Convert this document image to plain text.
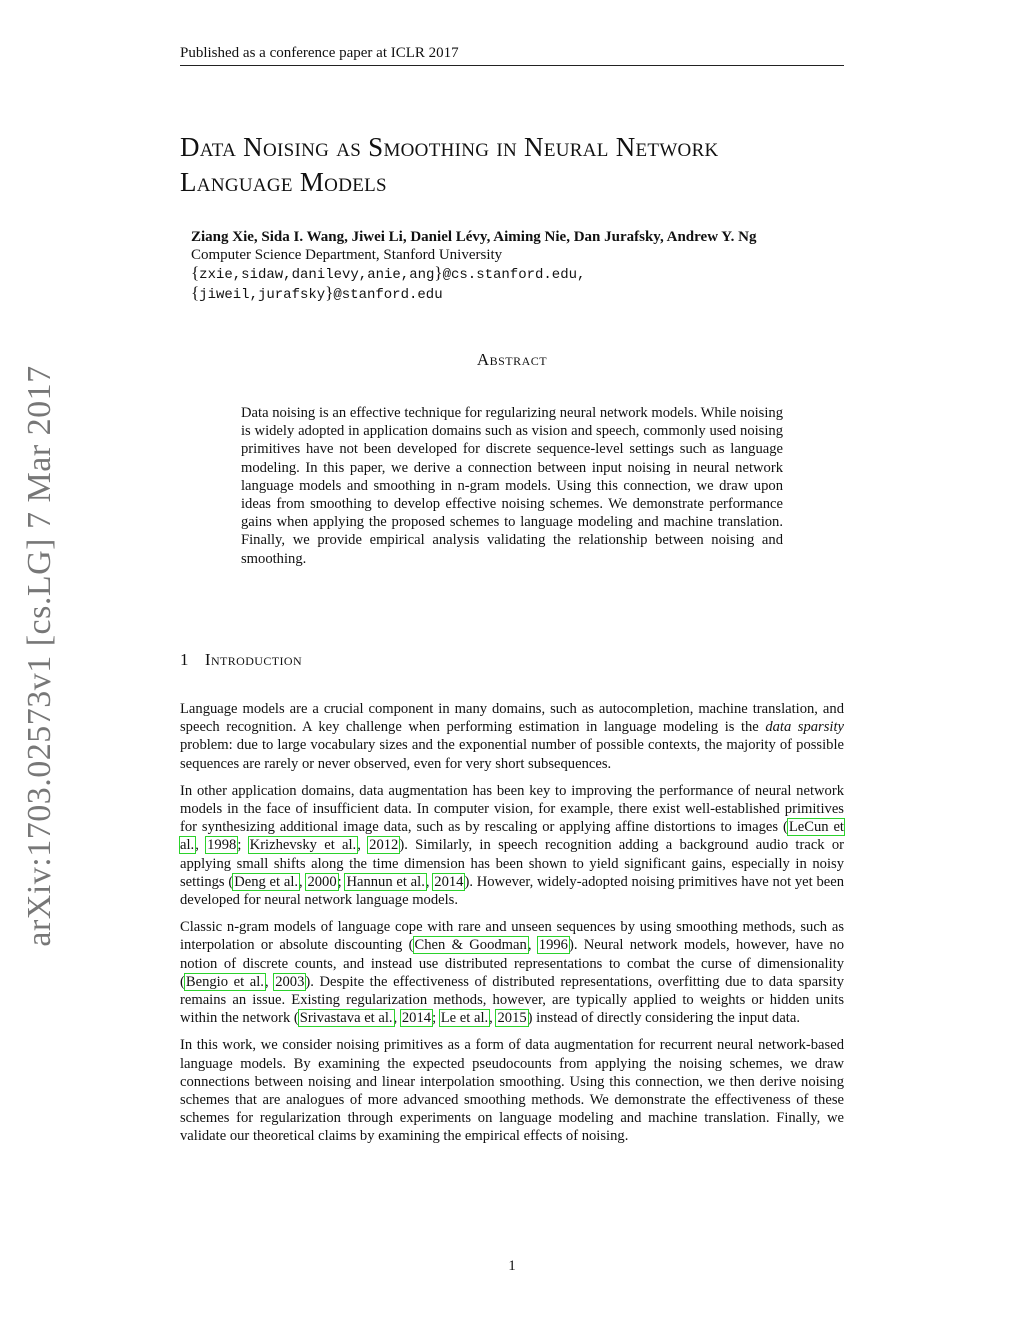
Published as a conference paper at ICLR 2017
arXiv:1703.02573v1 [cs.LG] 7 Mar 2017
Data Noising as Smoothing in Neural Network
Language Models
Ziang Xie, Sida I. Wang, Jiwei Li, Daniel Lévy, Aiming Nie, Dan Jurafsky, Andrew Y. Ng
Computer Science Department, Stanford University
{zxie,sidaw,danilevy,anie,ang}@cs.stanford.edu,
{jiweil,jurafsky}@stanford.edu
Abstract

Data noising is an effective technique for regularizing neural network models. While noising is widely adopted in application domains such as vision and speech, commonly used noising primitives have not been developed for discrete sequence-level settings such as language modeling. In this paper, we derive a connection between input noising in neural network language models and smoothing in n-gram models. Using this connection, we draw upon ideas from smoothing to develop effective noising schemes. We demonstrate performance gains when applying the proposed schemes to language modeling and machine translation. Finally, we provide empirical analysis validating the relationship between noising and smoothing.

1 Introduction

Language models are a crucial component in many domains, such as autocompletion, machine translation, and speech recognition. A key challenge when performing estimation in language modeling is the data sparsity problem: due to large vocabulary sizes and the exponential number of possible contexts, the majority of possible sequences are rarely or never observed, even for very short subsequences.

In other application domains, data augmentation has been key to improving the performance of neural network models in the face of insufficient data. In computer vision, for example, there exist well-established primitives for synthesizing additional image data, such as by rescaling or applying affine distortions to images (LeCun et al., 1998; Krizhevsky et al., 2012). Similarly, in speech recognition adding a background audio track or applying small shifts along the time dimension has been shown to yield significant gains, especially in noisy settings (Deng et al., 2000; Hannun et al., 2014). However, widely-adopted noising primitives have not yet been developed for neural network language models.

Classic n-gram models of language cope with rare and unseen sequences by using smoothing methods, such as interpolation or absolute discounting (Chen & Goodman, 1996). Neural network models, however, have no notion of discrete counts, and instead use distributed representations to combat the curse of dimensionality (Bengio et al., 2003). Despite the effectiveness of distributed representations, overfitting due to data sparsity remains an issue. Existing regularization methods, however, are typically applied to weights or hidden units within the network (Srivastava et al., 2014; Le et al., 2015) instead of directly considering the input data.

In this work, we consider noising primitives as a form of data augmentation for recurrent neural network-based language models. By examining the expected pseudocounts from applying the noising schemes, we draw connections between noising and linear interpolation smoothing. Using this connection, we then derive noising schemes that are analogues of more advanced smoothing methods. We demonstrate the effectiveness of these schemes for regularization through experiments on language modeling and machine translation. Finally, we validate our theoretical claims by examining the empirical effects of noising.

1
